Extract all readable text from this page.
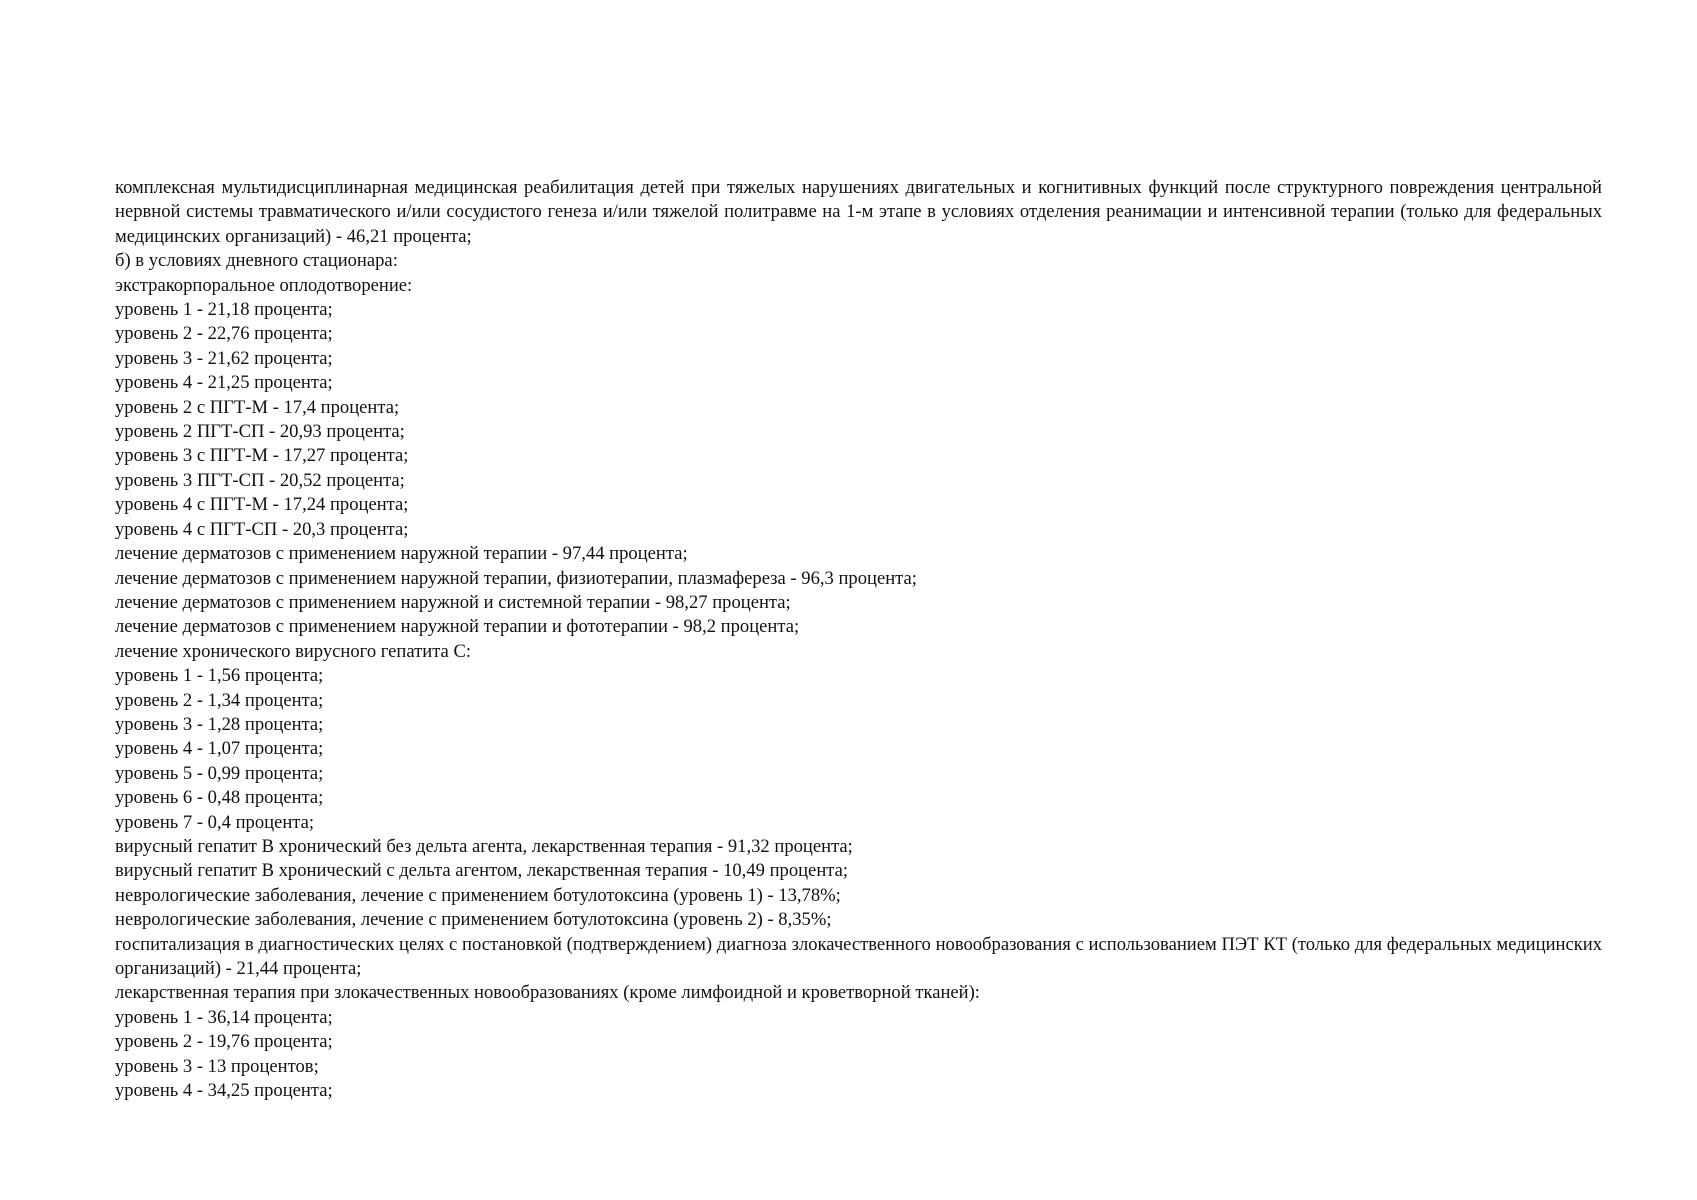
комплексная мультидисциплинарная медицинская реабилитация детей при тяжелых нарушениях двигательных и когнитивных функций после структурного повреждения центральной нервной системы травматического и/или сосудистого генеза и/или тяжелой политравме на 1-м этапе в условиях отделения реанимации и интенсивной терапии (только для федеральных медицинских организаций) - 46,21 процента;
б) в условиях дневного стационара:
экстракорпоральное оплодотворение:
уровень 1 - 21,18 процента;
уровень 2 - 22,76 процента;
уровень 3 - 21,62 процента;
уровень 4 - 21,25 процента;
уровень 2 с ПГТ-М - 17,4 процента;
уровень 2 ПГТ-СП - 20,93 процента;
уровень 3 с ПГТ-М - 17,27 процента;
уровень 3 ПГТ-СП - 20,52 процента;
уровень 4 с ПГТ-М - 17,24 процента;
уровень 4 с ПГТ-СП - 20,3 процента;
лечение дерматозов с применением наружной терапии - 97,44 процента;
лечение дерматозов с применением наружной терапии, физиотерапии, плазмафереза - 96,3 процента;
лечение дерматозов с применением наружной и системной терапии - 98,27 процента;
лечение дерматозов с применением наружной терапии и фототерапии - 98,2 процента;
лечение хронического вирусного гепатита С:
уровень 1 - 1,56 процента;
уровень 2 - 1,34 процента;
уровень 3 - 1,28 процента;
уровень 4 - 1,07 процента;
уровень 5 - 0,99 процента;
уровень 6 - 0,48 процента;
уровень 7 - 0,4 процента;
вирусный гепатит В хронический без дельта агента, лекарственная терапия - 91,32 процента;
вирусный гепатит В хронический с дельта агентом, лекарственная терапия - 10,49 процента;
неврологические заболевания, лечение с применением ботулотоксина (уровень 1) - 13,78%;
неврологические заболевания, лечение с применением ботулотоксина (уровень 2) - 8,35%;
госпитализация в диагностических целях с постановкой (подтверждением) диагноза злокачественного новообразования с использованием ПЭТ КТ (только для федеральных медицинских организаций) - 21,44 процента;
лекарственная терапия при злокачественных новообразованиях (кроме лимфоидной и кроветворной тканей):
уровень 1 - 36,14 процента;
уровень 2 - 19,76 процента;
уровень 3 - 13 процентов;
уровень 4 - 34,25 процента;
